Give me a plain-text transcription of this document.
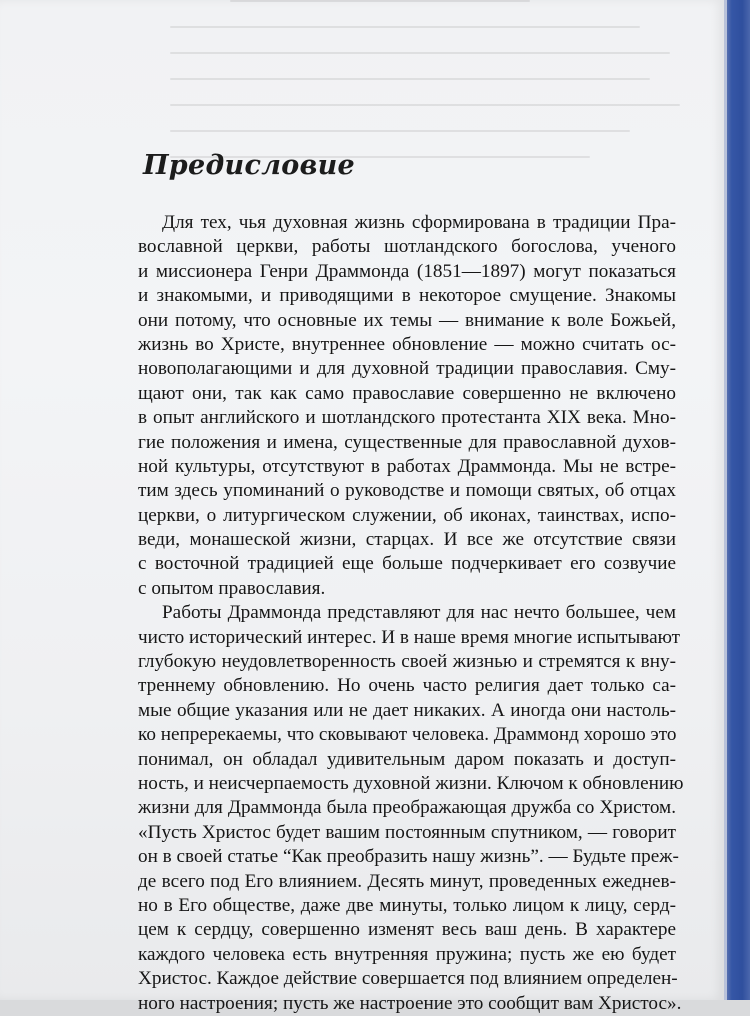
Предисловие
Для тех, чья духовная жизнь сформирована в традиции Пра-
вославной церкви, работы шотландского богослова, ученого
и миссионера Генри Драммонда (1851—1897) могут показаться
и знакомыми, и приводящими в некоторое смущение. Знакомы
они потому, что основные их темы — внимание к воле Божьей,
жизнь во Христе, внутреннее обновление — можно считать ос-
новополагающими и для духовной традиции православия. Сму-
щают они, так как само православие совершенно не включено
в опыт английского и шотландского протестанта XIX века. Мно-
гие положения и имена, существенные для православной духов-
ной культуры, отсутствуют в работах Драммонда. Мы не встре-
тим здесь упоминаний о руководстве и помощи святых, об отцах
церкви, о литургическом служении, об иконах, таинствах, испо-
веди, монашеской жизни, старцах. И все же отсутствие связи
с восточной традицией еще больше подчеркивает его созвучие
с опытом православия.
Работы Драммонда представляют для нас нечто большее, чем
чисто исторический интерес. И в наше время многие испытывают
глубокую неудовлетворенность своей жизнью и стремятся к вну-
треннему обновлению. Но очень часто религия дает только са-
мые общие указания или не дает никаких. А иногда они настоль-
ко непререкаемы, что сковывают человека. Драммонд хорошо это
понимал, он обладал удивительным даром показать и доступ-
ность, и неисчерпаемость духовной жизни. Ключом к обновлению
жизни для Драммонда была преображающая дружба со Христом.
«Пусть Христос будет вашим постоянным спутником, — говорит
он в своей статье “Как преобразить нашу жизнь”. — Будьте преж-
де всего под Его влиянием. Десять минут, проведенных ежеднев-
но в Его обществе, даже две минуты, только лицом к лицу, серд-
цем к сердцу, совершенно изменят весь ваш день. В характере
каждого человека есть внутренняя пружина; пусть же ею будет
Христос. Каждое действие совершается под влиянием определен-
ного настроения; пусть же настроение это сообщит вам Христос».
